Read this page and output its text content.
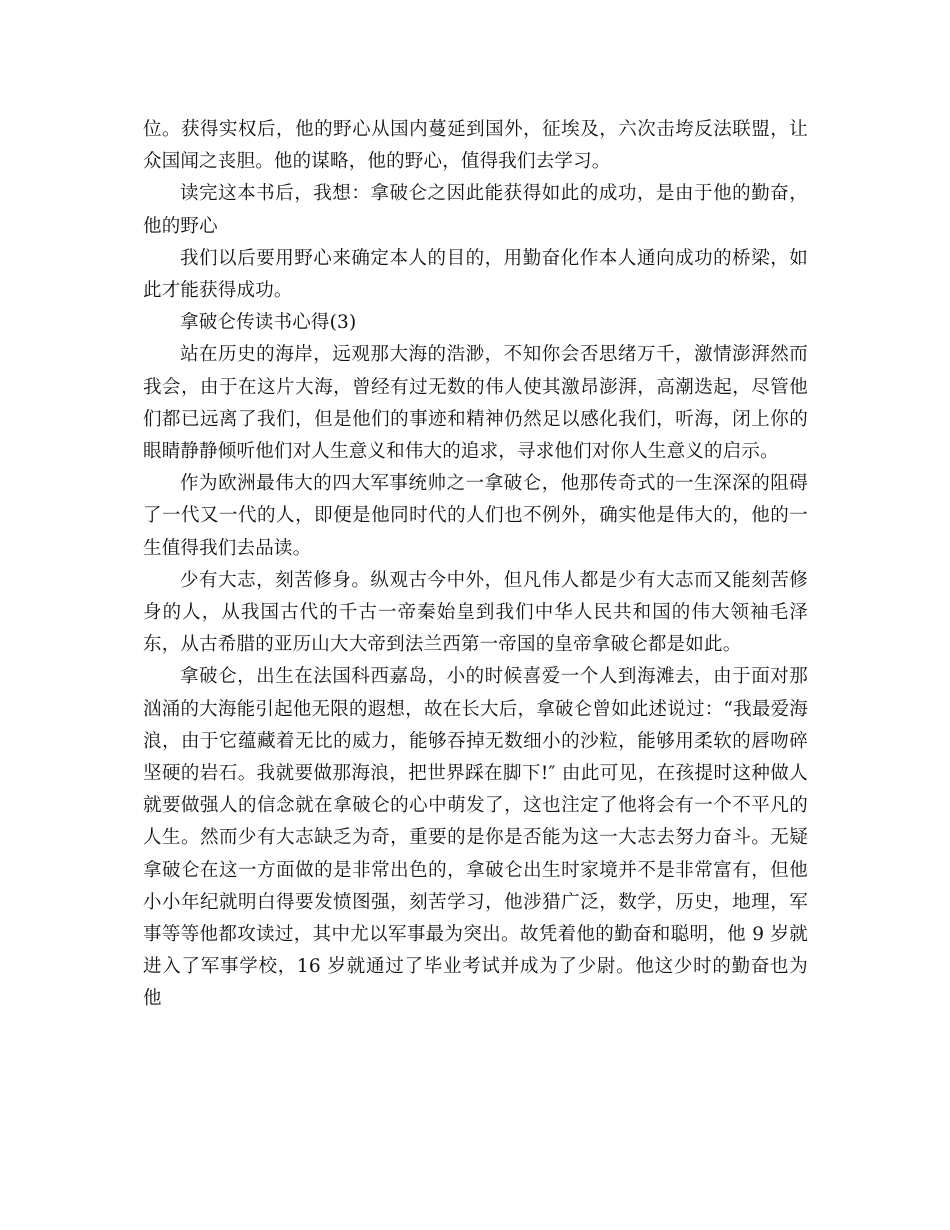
位。获得实权后，他的野心从国内蔓延到国外，征埃及，六次击垮反法联盟，让众国闻之丧胆。他的谋略，他的野心，值得我们去学习。

读完这本书后，我想：拿破仑之因此能获得如此的成功，是由于他的勤奋，他的野心

我们以后要用野心来确定本人的目的，用勤奋化作本人通向成功的桥梁，如此才能获得成功。

拿破仑传读书心得(3)

站在历史的海岸，远观那大海的浩渺，不知你会否思绪万千，激情澎湃然而我会，由于在这片大海，曾经有过无数的伟人使其激昂澎湃，高潮迭起，尽管他们都已远离了我们，但是他们的事迹和精神仍然足以感化我们，听海，闭上你的眼睛静静倾听他们对人生意义和伟大的追求，寻求他们对你人生意义的启示。

作为欧洲最伟大的四大军事统帅之一拿破仑，他那传奇式的一生深深的阻碍了一代又一代的人，即便是他同时代的人们也不例外，确实他是伟大的，他的一生值得我们去品读。

少有大志，刻苦修身。纵观古今中外，但凡伟人都是少有大志而又能刻苦修身的人，从我国古代的千古一帝秦始皇到我们中华人民共和国的伟大领袖毛泽东，从古希腊的亚历山大大帝到法兰西第一帝国的皇帝拿破仑都是如此。

拿破仑，出生在法国科西嘉岛，小的时候喜爱一个人到海滩去，由于面对那汹涌的大海能引起他无限的遐想，故在长大后，拿破仑曾如此述说过：“我最爱海浪，由于它蕴藏着无比的威力，能够吞掉无数细小的沙粒，能够用柔软的唇吻碎坚硬的岩石。我就要做那海浪，把世界踩在脚下!″ 由此可见，在孩提时这种做人就要做强人的信念就在拿破仑的心中萌发了，这也注定了他将会有一个不平凡的人生。然而少有大志缺乏为奇，重要的是你是否能为这一大志去努力奋斗。无疑拿破仑在这一方面做的是非常出色的，拿破仑出生时家境并不是非常富有，但他小小年纪就明白得要发愤图强，刻苦学习，他涉猎广泛，数学，历史，地理，军事等等他都攻读过，其中尤以军事最为突出。故凭着他的勤奋和聪明，他 9 岁就进入了军事学校，16 岁就通过了毕业考试并成为了少尉。他这少时的勤奋也为他
